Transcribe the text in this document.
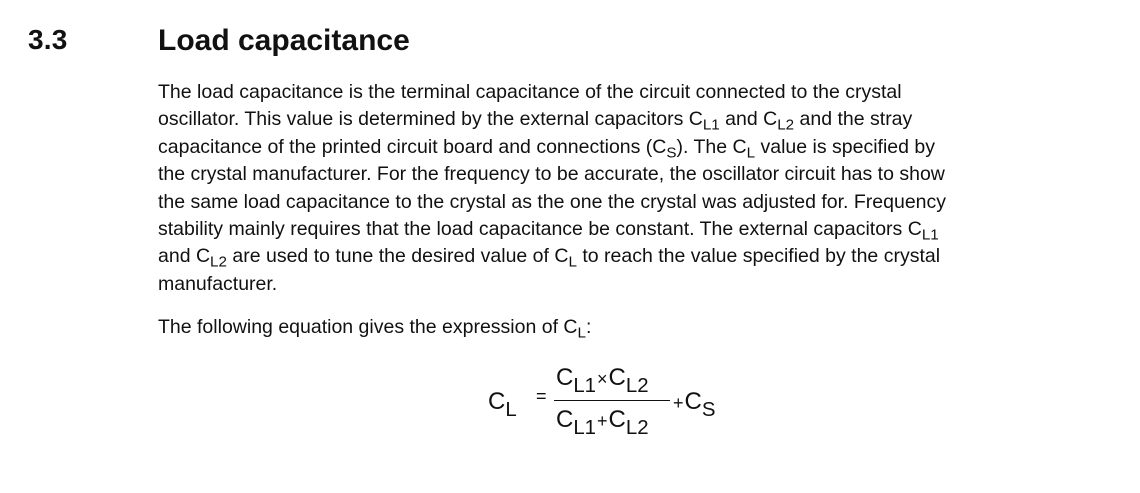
3.3	Load capacitance

The load capacitance is the terminal capacitance of the circuit connected to the crystal
oscillator. This value is determined by the external capacitors $C_{L1}$ and $C_{L2}$ and the stray
capacitance of the printed circuit board and connections $(C_S)$. The $C_L$ value is specified by
the crystal manufacturer. For the frequency to be accurate, the oscillator circuit has to show
the same load capacitance to the crystal as the one the crystal was adjusted for. Frequency
stability mainly requires that the load capacitance be constant. The external capacitors $C_{L1}$
and $C_{L2}$ are used to tune the desired value of $C_L$ to reach the value specified by the crystal
manufacturer.

The following equation gives the expression of $C_L$:

$C_L$
=
$C_{L1}\times C_{L2}$
$C_{L1}+C_{L2}$
$+C_S$
